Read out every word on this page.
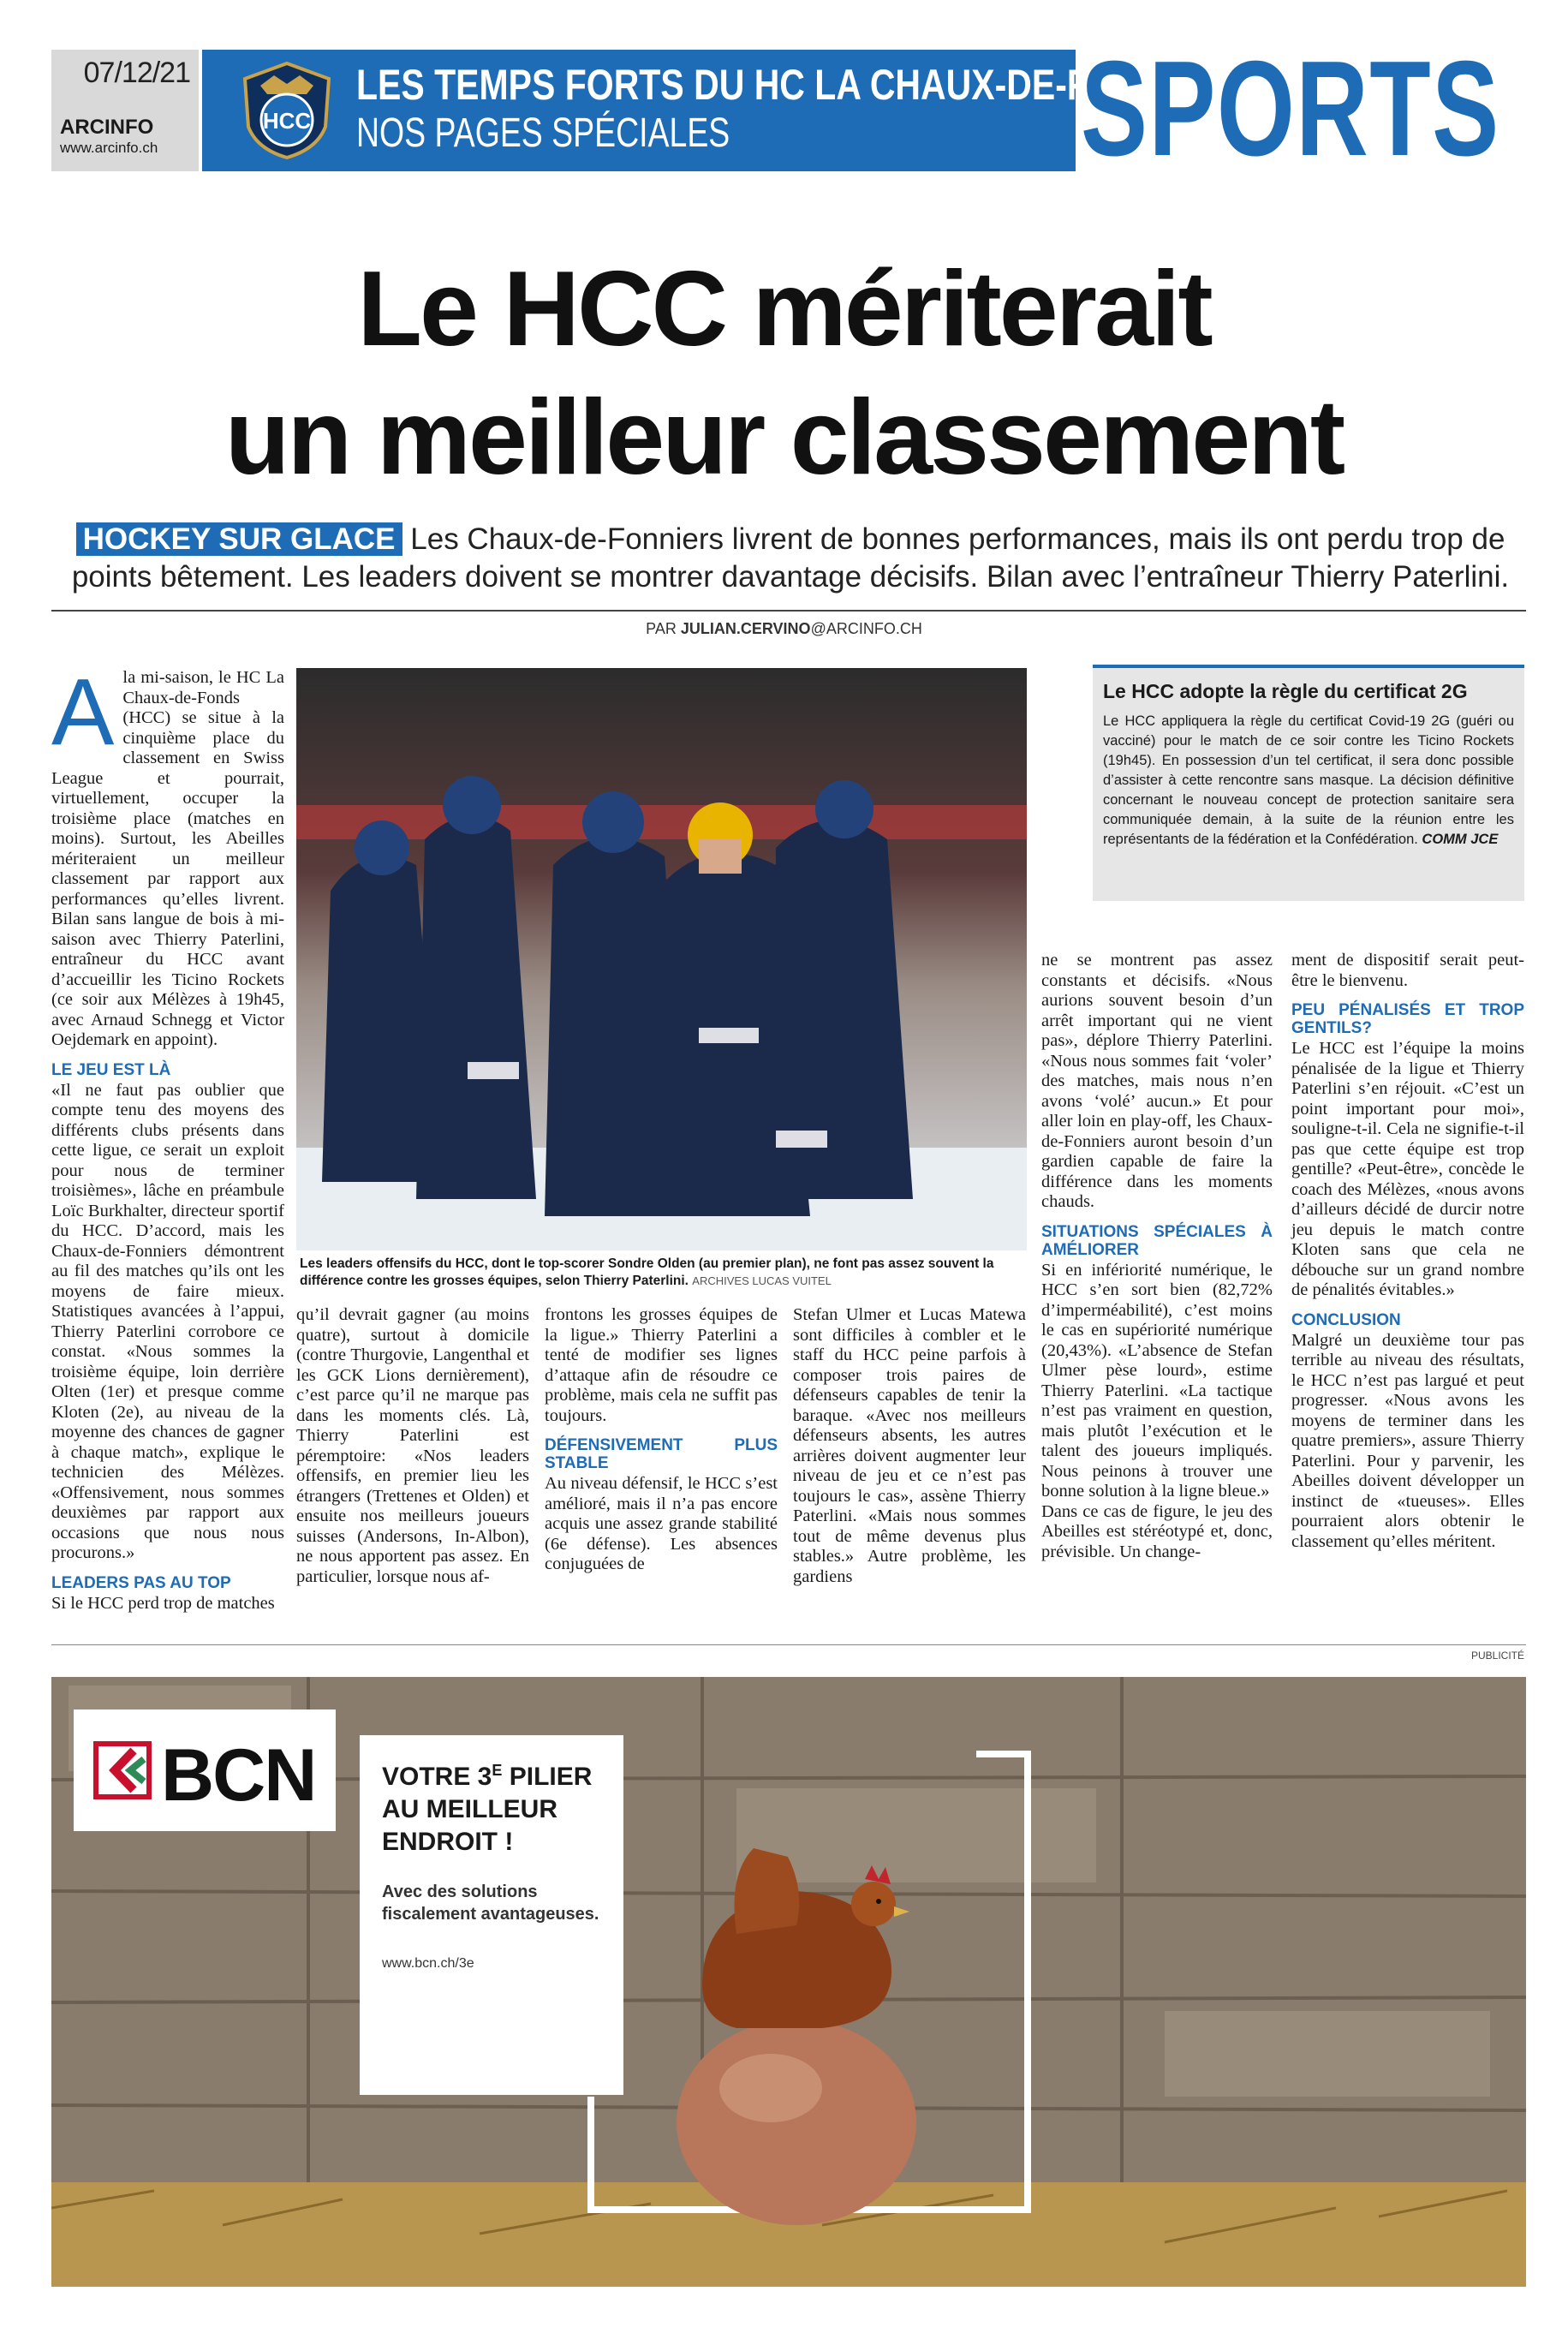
07/12/21
ARCINFO
www.arcinfo.ch
HCC
LES TEMPS FORTS DU HC LA CHAUX-DE-FONDS
NOS PAGES SPÉCIALES	SPORTS
Le HCC mériterait
un meilleur classement
HOCKEY SUR GLACE Les Chaux-de-Fonniers livrent de bonnes performances, mais ils ont perdu trop de points bêtement. Les leaders doivent se montrer davantage décisifs. Bilan avec l’entraîneur Thierry Paterlini.
PAR JULIAN.CERVINO@ARCINFO.CH
A la mi-saison, le HC La Chaux-de-Fonds (HCC) se situe à la cinquième place du classement en Swiss League et pourrait, virtuellement, occuper la troisième place (matches en moins). Surtout, les Abeilles mériteraient un meilleur classement par rapport aux performances qu’elles livrent. Bilan sans langue de bois à mi-saison avec Thierry Paterlini, entraîneur du HCC avant d’accueillir les Ticino Rockets (ce soir aux Mélèzes à 19h45, avec Arnaud Schnegg et Victor Oejdemark en appoint).

LE JEU EST LÀ

«Il ne faut pas oublier que compte tenu des moyens des différents clubs présents dans cette ligue, ce serait un exploit pour nous de terminer troisièmes», lâche en préambule Loïc Burkhalter, directeur sportif du HCC. D’accord, mais les Chaux-de-Fonniers démontrent au fil des matches qu’ils ont les moyens de faire mieux. Statistiques avancées à l’appui, Thierry Paterlini corrobore ce constat. «Nous sommes la troisième équipe, loin derrière Olten (1er) et presque comme Kloten (2e), au niveau de la moyenne des chances de gagner à chaque match», explique le technicien des Mélèzes. «Offensivement, nous sommes deuxièmes par rapport aux occasions que nous nous procurons.»

LEADERS PAS AU TOP

Si le HCC perd trop de matches

Les leaders offensifs du HCC, dont le top-scorer Sondre Olden (au premier plan), ne font pas assez souvent la différence contre les grosses équipes, selon Thierry Paterlini. ARCHIVES LUCAS VUITEL

qu’il devrait gagner (au moins quatre), surtout à domicile (contre Thurgovie, Langenthal et les GCK Lions dernièrement), c’est parce qu’il ne marque pas dans les moments clés. Là, Thierry Paterlini est péremptoire: «Nos leaders offensifs, en premier lieu les étrangers (Trettenes et Olden) et ensuite nos meilleurs joueurs suisses (Andersons, In-Albon), ne nous apportent pas assez. En particulier, lorsque nous af-

frontons les grosses équipes de la ligue.» Thierry Paterlini a tenté de modifier ses lignes d’attaque afin de résoudre ce problème, mais cela ne suffit pas toujours.

DÉFENSIVEMENT PLUS STABLE

Au niveau défensif, le HCC s’est amélioré, mais il n’a pas encore acquis une assez grande stabilité (6e défense). Les absences conjuguées de

Stefan Ulmer et Lucas Matewa sont difficiles à combler et le staff du HCC peine parfois à composer trois paires de défenseurs capables de tenir la baraque. «Avec nos meilleurs défenseurs absents, les autres arrières doivent augmenter leur niveau de jeu et ce n’est pas toujours le cas», assène Thierry Paterlini. «Mais nous sommes tout de même devenus plus stables.» Autre problème, les gardiens

Le HCC adopte la règle du certificat 2G
Le HCC appliquera la règle du certificat Covid-19 2G (guéri ou vacciné) pour le match de ce soir contre les Ticino Rockets (19h45). En possession d’un tel certificat, il sera donc possible d’assister à cette rencontre sans masque. La décision définitive concernant le nouveau concept de protection sanitaire sera communiquée demain, à la suite de la réunion entre les représentants de la fédération et la Confédération. COMM JCE

ne se montrent pas assez constants et décisifs. «Nous aurions souvent besoin d’un arrêt important qui ne vient pas», déplore Thierry Paterlini. «Nous nous sommes fait ‘voler’ des matches, mais nous n’en avons ‘volé’ aucun.» Et pour aller loin en play-off, les Chaux-de-Fonniers auront besoin d’un gardien capable de faire la différence dans les moments chauds.

SITUATIONS SPÉCIALES À AMÉLIORER

Si en infériorité numérique, le HCC s’en sort bien (82,72% d’imperméabilité), c’est moins le cas en supériorité numérique (20,43%). «L’absence de Stefan Ulmer pèse lourd», estime Thierry Paterlini. «La tactique n’est pas vraiment en question, mais plutôt l’exécution et le talent des joueurs impliqués. Nous peinons à trouver une bonne solution à la ligne bleue.»

Dans ce cas de figure, le jeu des Abeilles est stéréotypé et, donc, prévisible. Un change-

ment de dispositif serait peut-être le bienvenu.

PEU PÉNALISÉS ET TROP GENTILS?

Le HCC est l’équipe la moins pénalisée de la ligue et Thierry Paterlini s’en réjouit. «C’est un point important pour moi», souligne-t-il. Cela ne signifie-t-il pas que cette équipe est trop gentille? «Peut-être», concède le coach des Mélèzes, «nous avons d’ailleurs décidé de durcir notre jeu depuis le match contre Kloten sans que cela ne débouche sur un grand nombre de pénalités évitables.»

CONCLUSION

Malgré un deuxième tour pas terrible au niveau des résultats, le HCC n’est pas largué et peut progresser. «Nous avons les moyens de terminer dans les quatre premiers», assure Thierry Paterlini. Pour y parvenir, les Abeilles doivent développer un instinct de «tueuses». Elles pourraient alors obtenir le classement qu’elles méritent.

PUBLICITÉ
BCN	VOTRE $3^E$ PILIER
AU MEILLEUR
ENDROIT !
Avec des solutions fiscalement avantageuses.
www.bcn.ch/3e
